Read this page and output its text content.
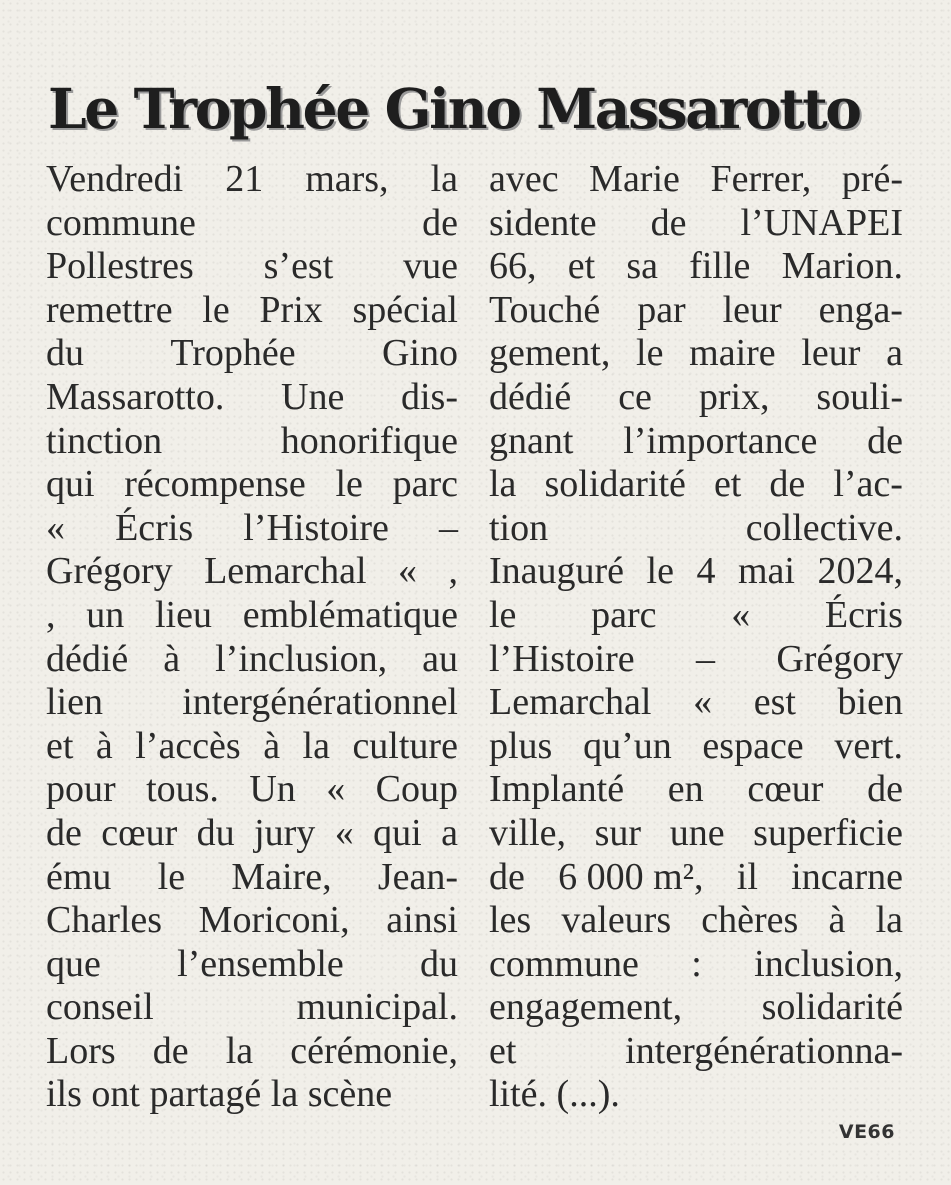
Le Trophée Gino Massarotto
Vendredi 21 mars, la
commune	de
Pollestres s’est vue
remettre le Prix spécial
du Trophée Gino
Massarotto. Une dis-
tinction	honorifique
qui récompense le parc
« Écris l’Histoire –
Grégory Lemarchal « ,
, un lieu emblématique
dédié à l’inclusion, au
lien intergénérationnel
et à l’accès à la culture
pour tous. Un « Coup
de cœur du jury « qui a
ému le Maire, Jean-
Charles Moriconi, ainsi
que l’ensemble du
conseil	municipal.
Lors de la cérémonie,
ils ont partagé la scène
avec Marie Ferrer, pré-
sidente de l’UNAPEI
66, et sa fille Marion.
Touché par leur enga-
gement, le maire leur a
dédié ce prix, souli-
gnant l’importance de
la solidarité et de l’ac-
tion	collective.
Inauguré le 4 mai 2024,
le parc « Écris
l’Histoire – Grégory
Lemarchal « est bien
plus qu’un espace vert.
Implanté en cœur de
ville, sur une superficie
de 6 000 m², il incarne
les valeurs chères à la
commune : inclusion,
engagement, solidarité
et	intergénérationna-
lité. (...).
VE66
